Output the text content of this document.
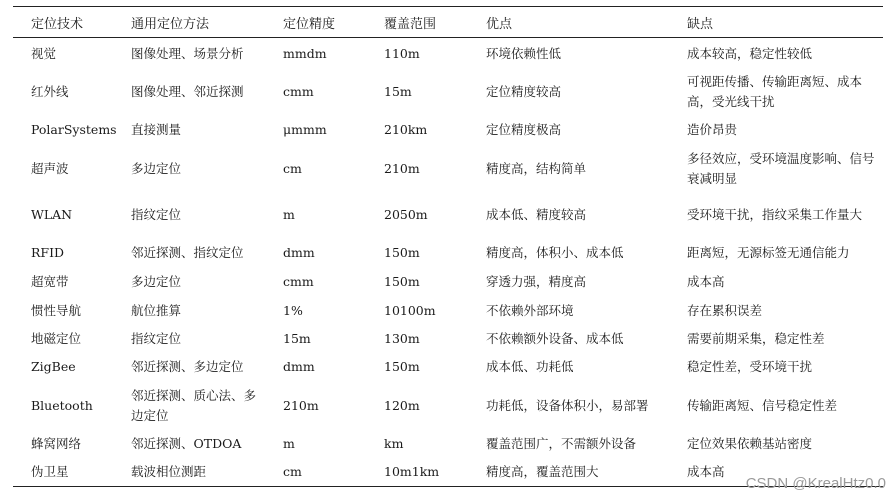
定位技术	通用定位方法	定位精度	覆盖范围	优点	缺点
视觉	图像处理、场景分析	mmdm	110m	环境依赖性低	成本较高，稳定性较低
红外线	图像处理、邻近探测	cmm	15m	定位精度较高	可视距传播、传输距离短、成本高，受光线干扰
PolarSystems	直接测量	μmmm	210km	定位精度极高	造价昂贵
超声波	多边定位	cm	210m	精度高，结构简单	多径效应，受环境温度影响、信号衰减明显
WLAN	指纹定位	m	2050m	成本低、精度较高	受环境干扰，指纹采集工作量大
RFID	邻近探测、指纹定位	dmm	150m	精度高，体积小、成本低	距离短，无源标签无通信能力
超宽带	多边定位	cmm	150m	穿透力强，精度高	成本高
惯性导航	航位推算	1%	10100m	不依赖外部环境	存在累积误差
地磁定位	指纹定位	15m	130m	不依赖额外设备、成本低	需要前期采集，稳定性差
ZigBee	邻近探测、多边定位	dmm	150m	成本低、功耗低	稳定性差，受环境干扰
Bluetooth	邻近探测、质心法、多边定位	210m	120m	功耗低，设备体积小，易部署	传输距离短、信号稳定性差
蜂窝网络	邻近探测、OTDOA	m	km	覆盖范围广，不需额外设备	定位效果依赖基站密度
伪卫星	载波相位测距	cm	10m1km	精度高，覆盖范围大	成本高
CSDN @KrealHtz0.0
